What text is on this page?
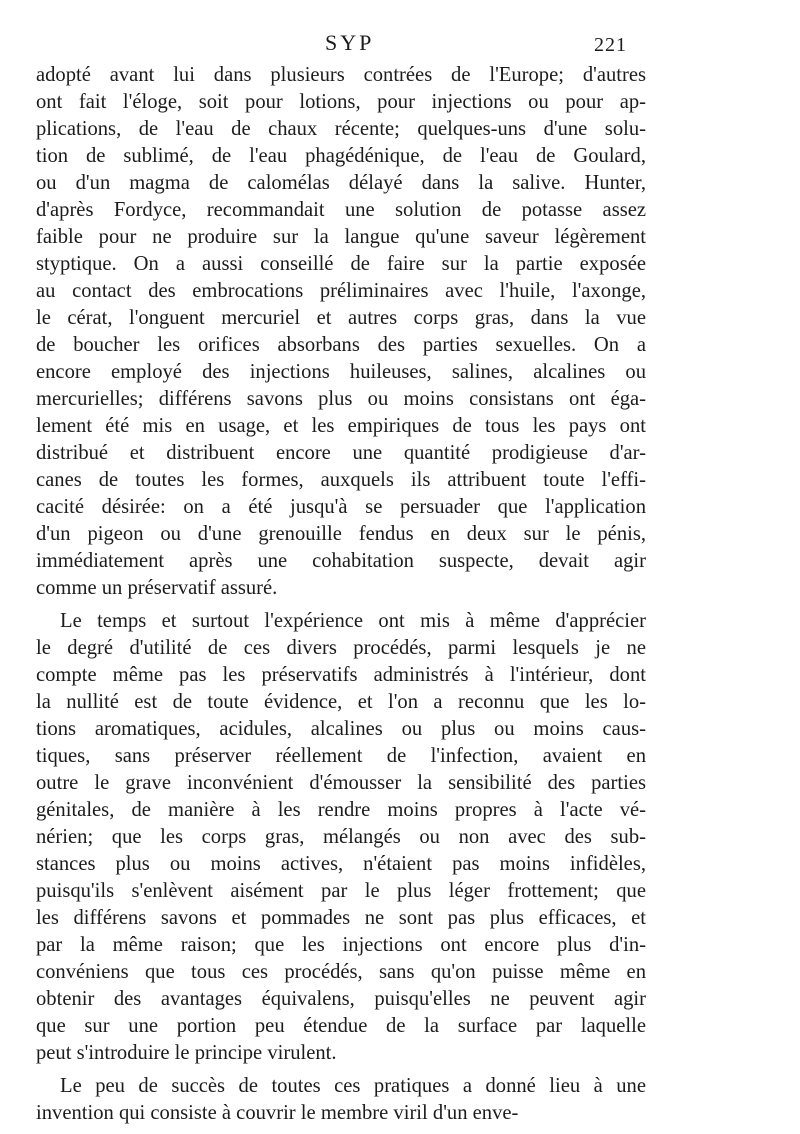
SYP	221
adopté avant lui dans plusieurs contrées de l'Europe; d'autres
ont fait l'éloge, soit pour lotions, pour injections ou pour ap-
plications, de l'eau de chaux récente; quelques-uns d'une solu-
tion de sublimé, de l'eau phagédénique, de l'eau de Goulard,
ou d'un magma de calomélas délayé dans la salive. Hunter,
d'après Fordyce, recommandait une solution de potasse assez
faible pour ne produire sur la langue qu'une saveur légèrement
styptique. On a aussi conseillé de faire sur la partie exposée
au contact des embrocations préliminaires avec l'huile, l'axonge,
le cérat, l'onguent mercuriel et autres corps gras, dans la vue
de boucher les orifices absorbans des parties sexuelles. On a
encore employé des injections huileuses, salines, alcalines ou
mercurielles; différens savons plus ou moins consistans ont éga-
lement été mis en usage, et les empiriques de tous les pays ont
distribué et distribuent encore une quantité prodigieuse d'ar-
canes de toutes les formes, auxquels ils attribuent toute l'effi-
cacité désirée: on a été jusqu'à se persuader que l'application
d'un pigeon ou d'une grenouille fendus en deux sur le pénis,
immédiatement après une cohabitation suspecte, devait agir
comme un préservatif assuré.
Le temps et surtout l'expérience ont mis à même d'apprécier
le degré d'utilité de ces divers procédés, parmi lesquels je ne
compte même pas les préservatifs administrés à l'intérieur, dont
la nullité est de toute évidence, et l'on a reconnu que les lo-
tions aromatiques, acidules, alcalines ou plus ou moins caus-
tiques, sans préserver réellement de l'infection, avaient en
outre le grave inconvénient d'émousser la sensibilité des parties
génitales, de manière à les rendre moins propres à l'acte vé-
nérien; que les corps gras, mélangés ou non avec des sub-
stances plus ou moins actives, n'étaient pas moins infidèles,
puisqu'ils s'enlèvent aisément par le plus léger frottement; que
les différens savons et pommades ne sont pas plus efficaces, et
par la même raison; que les injections ont encore plus d'in-
convéniens que tous ces procédés, sans qu'on puisse même en
obtenir des avantages équivalens, puisqu'elles ne peuvent agir
que sur une portion peu étendue de la surface par laquelle
peut s'introduire le principe virulent.
Le peu de succès de toutes ces pratiques a donné lieu à une
invention qui consiste à couvrir le membre viril d'un enve-
